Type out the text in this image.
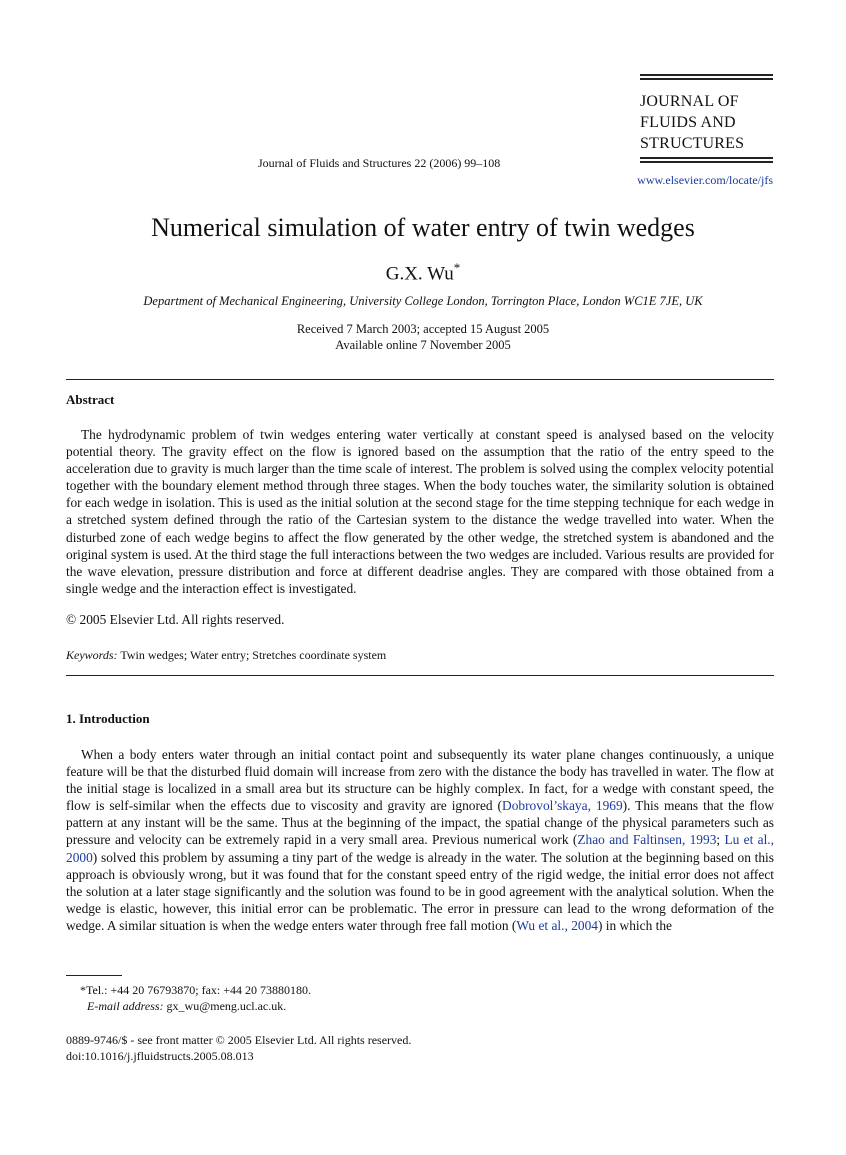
JOURNAL OF
FLUIDS AND
STRUCTURES
Journal of Fluids and Structures 22 (2006) 99–108
www.elsevier.com/locate/jfs
Numerical simulation of water entry of twin wedges
G.X. Wu*
Department of Mechanical Engineering, University College London, Torrington Place, London WC1E 7JE, UK
Received 7 March 2003; accepted 15 August 2005
Available online 7 November 2005
Abstract

The hydrodynamic problem of twin wedges entering water vertically at constant speed is analysed based on the velocity potential theory. The gravity effect on the flow is ignored based on the assumption that the ratio of the entry speed to the acceleration due to gravity is much larger than the time scale of interest. The problem is solved using the complex velocity potential together with the boundary element method through three stages. When the body touches water, the similarity solution is obtained for each wedge in isolation. This is used as the initial solution at the second stage for the time stepping technique for each wedge in a stretched system defined through the ratio of the Cartesian system to the distance the wedge travelled into water. When the disturbed zone of each wedge begins to affect the flow generated by the other wedge, the stretched system is abandoned and the original system is used. At the third stage the full interactions between the two wedges are included. Various results are provided for the wave elevation, pressure distribution and force at different deadrise angles. They are compared with those obtained from a single wedge and the interaction effect is investigated.

© 2005 Elsevier Ltd. All rights reserved.
Keywords: Twin wedges; Water entry; Stretches coordinate system
1. Introduction

When a body enters water through an initial contact point and subsequently its water plane changes continuously, a unique feature will be that the disturbed fluid domain will increase from zero with the distance the body has travelled in water. The flow at the initial stage is localized in a small area but its structure can be highly complex. In fact, for a wedge with constant speed, the flow is self-similar when the effects due to viscosity and gravity are ignored (Dobrovol’skaya, 1969). This means that the flow pattern at any instant will be the same. Thus at the beginning of the impact, the spatial change of the physical parameters such as pressure and velocity can be extremely rapid in a very small area. Previous numerical work (Zhao and Faltinsen, 1993; Lu et al., 2000) solved this problem by assuming a tiny part of the wedge is already in the water. The solution at the beginning based on this approach is obviously wrong, but it was found that for the constant speed entry of the rigid wedge, the initial error does not affect the solution at a later stage significantly and the solution was found to be in good agreement with the analytical solution. When the wedge is elastic, however, this initial error can be problematic. The error in pressure can lead to the wrong deformation of the wedge. A similar situation is when the wedge enters water through free fall motion (Wu et al., 2004) in which the

*Tel.: +44 20 76793870; fax: +44 20 73880180.
E-mail address: gx_wu@meng.ucl.ac.uk.
0889-9746/$ - see front matter © 2005 Elsevier Ltd. All rights reserved.
doi:10.1016/j.jfluidstructs.2005.08.013
